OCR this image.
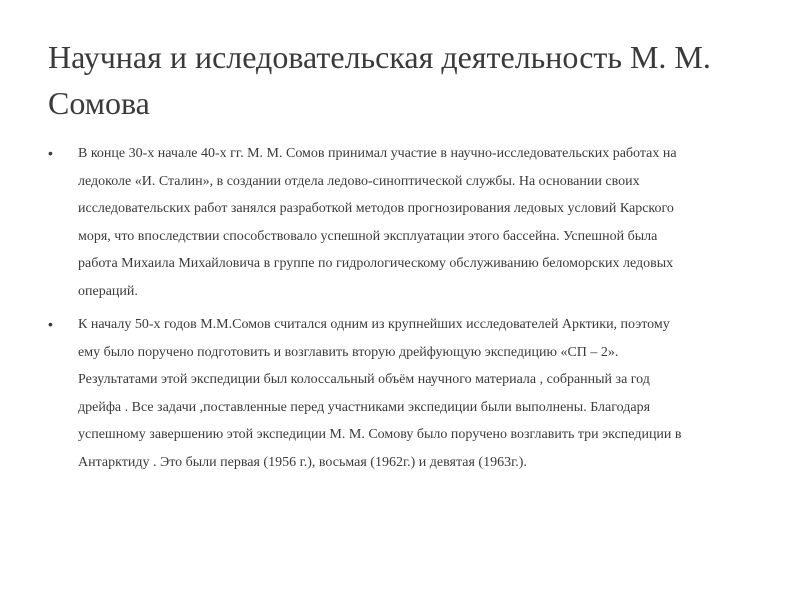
Научная и иследовательская деятельность М. М. Сомова
•	В конце 30-х начале 40-х гг. М. М. Сомов принимал участие в научно-исследовательских работах на
ледоколе «И. Сталин», в создании отдела ледово-синоптической службы. На основании своих
исследовательских работ занялся разработкой методов прогнозирования ледовых условий Карского
моря, что впоследствии способствовало успешной эксплуатации этого бассейна. Успешной была
работа Михаила Михайловича в группе по гидрологическому обслуживанию беломорских ледовых
операций.
•	К началу 50-х годов М.М.Сомов считался одним из крупнейших исследователей Арктики, поэтому
ему было поручено подготовить и возглавить вторую дрейфующую экспедицию «СП – 2».
Результатами этой экспедиции был колоссальный объём научного материала , собранный за год
дрейфа . Все задачи ,поставленные перед участниками экспедиции были выполнены. Благодаря
успешному завершению этой экспедиции М. М. Сомову было поручено возглавить три экспедиции в
Антарктиду . Это были первая (1956 г.), восьмая (1962г.) и девятая (1963г.).
